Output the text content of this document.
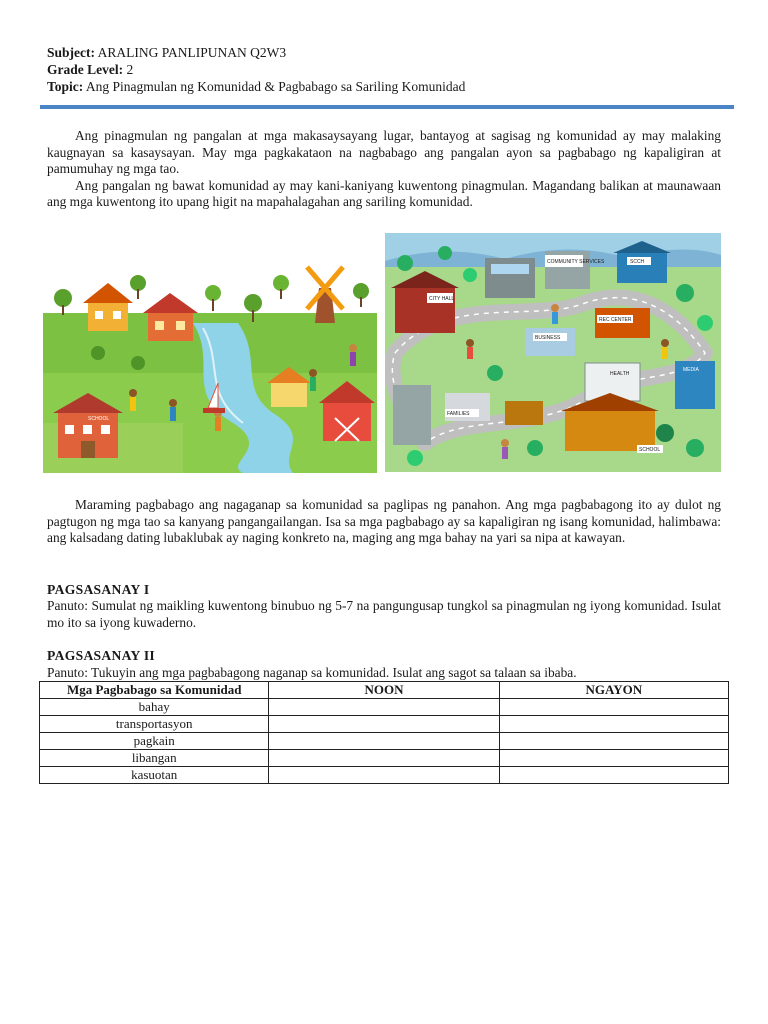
Subject: ARALING PANLIPUNAN Q2W3
Grade Level: 2
Topic: Ang Pinagmulan ng Komunidad & Pagbabago sa Sariling Komunidad

Ang pinagmulan ng pangalan at mga makasaysayang lugar, bantayog at sagisag ng komunidad ay may malaking kaugnayan sa kasaysayan. May mga pagkakataon na nagbabago ang pangalan ayon sa pagbabago ng kapaligiran at pamumuhay ng mga tao.

Ang pangalan ng bawat komunidad ay may kani-kaniyang kuwentong pinagmulan. Magandang balikan at maunawaan ang mga kuwentong ito upang higit na mapahalagahan ang sariling komunidad.

SCHOOL
COMMUNITY SERVICES	SCCH
CITY HALL
BUSINESS
REC CENTER
HEALTH
MEDIA
FAMILIES
SCHOOL

Maraming pagbabago ang nagaganap sa komunidad sa paglipas ng panahon. Ang mga pagbabagong ito ay dulot ng pagtugon ng mga tao sa kanyang pangangailangan. Isa sa mga pagbabago ay sa kapaligiran ng isang komunidad, halimbawa: ang kalsadang dating lubaklubak ay naging konkreto na, maging ang mga bahay na yari sa nipa at kawayan.

PAGSASANAY I
Panuto: Sumulat ng maikling kuwentong binubuo ng 5-7 na pangungusap tungkol sa pinagmulan ng iyong komunidad. Isulat mo ito sa iyong kuwaderno.
PAGSASANAY II
Panuto: Tukuyin ang mga pagbabagong naganap sa komunidad. Isulat ang sagot sa talaan sa ibaba.
Mga Pagbabago sa Komunidad	NOON	NGAYON
bahay		
transportasyon		
pagkain		
libangan		
kasuotan		
